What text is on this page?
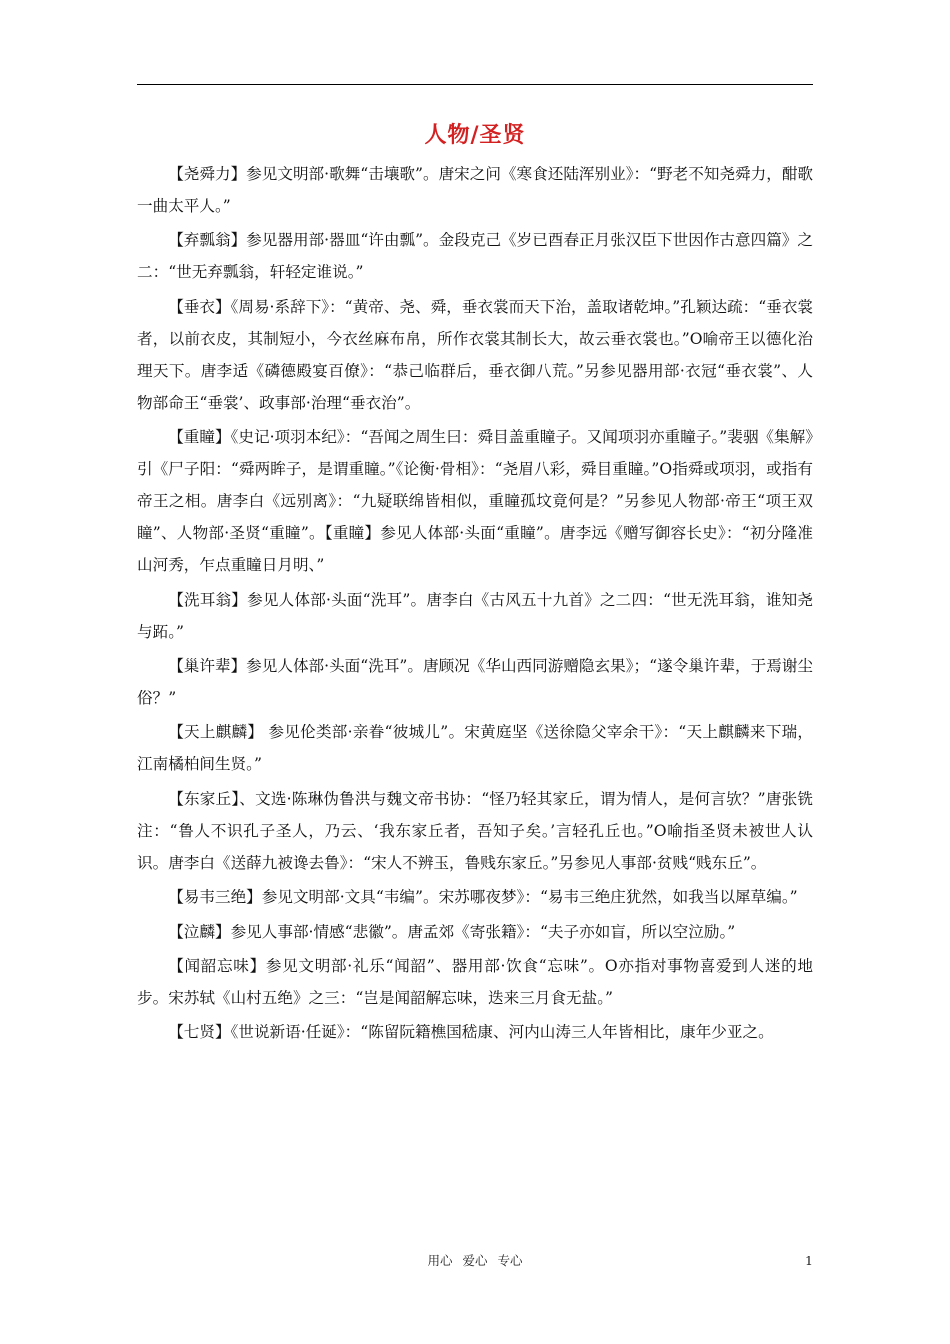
人物/圣贤

【尧舜力】参见文明部·歌舞“击壤歌”。唐宋之问《寒食还陆浑别业》：“野老不知尧舜力，酣歌一曲太平人。”

【弃瓢翁】参见器用部·器皿“许由瓢”。金段克己《岁已酉春正月张汉臣下世因作古意四篇》之二：“世无弃瓢翁，轩轻定谁说。”

【垂衣】《周易·系辞下》：“黄帝、尧、舜，垂衣裳而天下治，盖取诸乾坤。”孔颖达疏：“垂衣裳者，以前衣皮，其制短小，今衣丝麻布帛，所作衣裳其制长大，故云垂衣裳也。”O喻帝王以德化治理天下。唐李适《磷德殿宴百僚》：“恭己临群后，垂衣御八荒。”另参见器用部·衣冠“垂衣裳”、人物部命王“垂裳’、政事部·治理“垂衣治”。

【重瞳】《史记·项羽本纪》：“吾闻之周生曰：舜目盖重瞳子。又闻项羽亦重瞳子。”裴骃《集解》引《尸子阳：“舜两眸子，是谓重瞳。”《论衡·骨相》：“尧眉八彩，舜目重瞳。”O指舜或项羽，或指有帝王之相。唐李白《远别离》：“九疑联绵皆相似，重瞳孤坟竟何是？”另参见人物部·帝王“项王双瞳”、人物部·圣贤“重瞳”。【重瞳】参见人体部·头面“重瞳”。唐李远《赠写御容长史》：“初分隆准山河秀，乍点重瞳日月明、”

【洗耳翁】参见人体部·头面“洗耳”。唐李白《古风五十九首》之二四：“世无洗耳翁，谁知尧与跖。”

【巢许辈】参见人体部·头面“洗耳”。唐顾况《华山西同游赠隐玄果》；“遂令巢许辈，于焉谢尘俗？”

【天上麒麟】 参见伦类部·亲眷“彼城儿”。宋黄庭坚《送徐隐父宰余干》：“天上麒麟来下瑞，江南橘柏间生贤。”

【东家丘】、文选·陈琳伪鲁洪与魏文帝书协：“怪乃轻其家丘，谓为情人，是何言欤？”唐张铣注：“鲁人不识孔子圣人，乃云、‘我东家丘者，吾知子矣。’言轻孔丘也。”O喻指圣贤未被世人认识。唐李白《送薛九被谗去鲁》：“宋人不辨玉，鲁贱东家丘。”另参见人事部·贫贱“贱东丘”。

【易韦三绝】参见文明部·文具“韦编”。宋苏哪夜梦》：“易韦三绝庄犹然，如我当以犀草编。”

【泣麟】参见人事部·情感“悲徽”。唐孟郊《寄张籍》：“夫子亦如盲，所以空泣励。”

【闻韶忘味】参见文明部·礼乐“闻韶”、器用部·饮食“忘味”。O亦指对事物喜爱到人迷的地步。宋苏轼《山村五绝》之三：“岂是闻韶解忘味，迭来三月食无盐。”

【七贤】《世说新语·任诞》：“陈留阮籍樵国嵇康、河内山涛三人年皆相比，康年少亚之。

用心 爱心 专心	1
